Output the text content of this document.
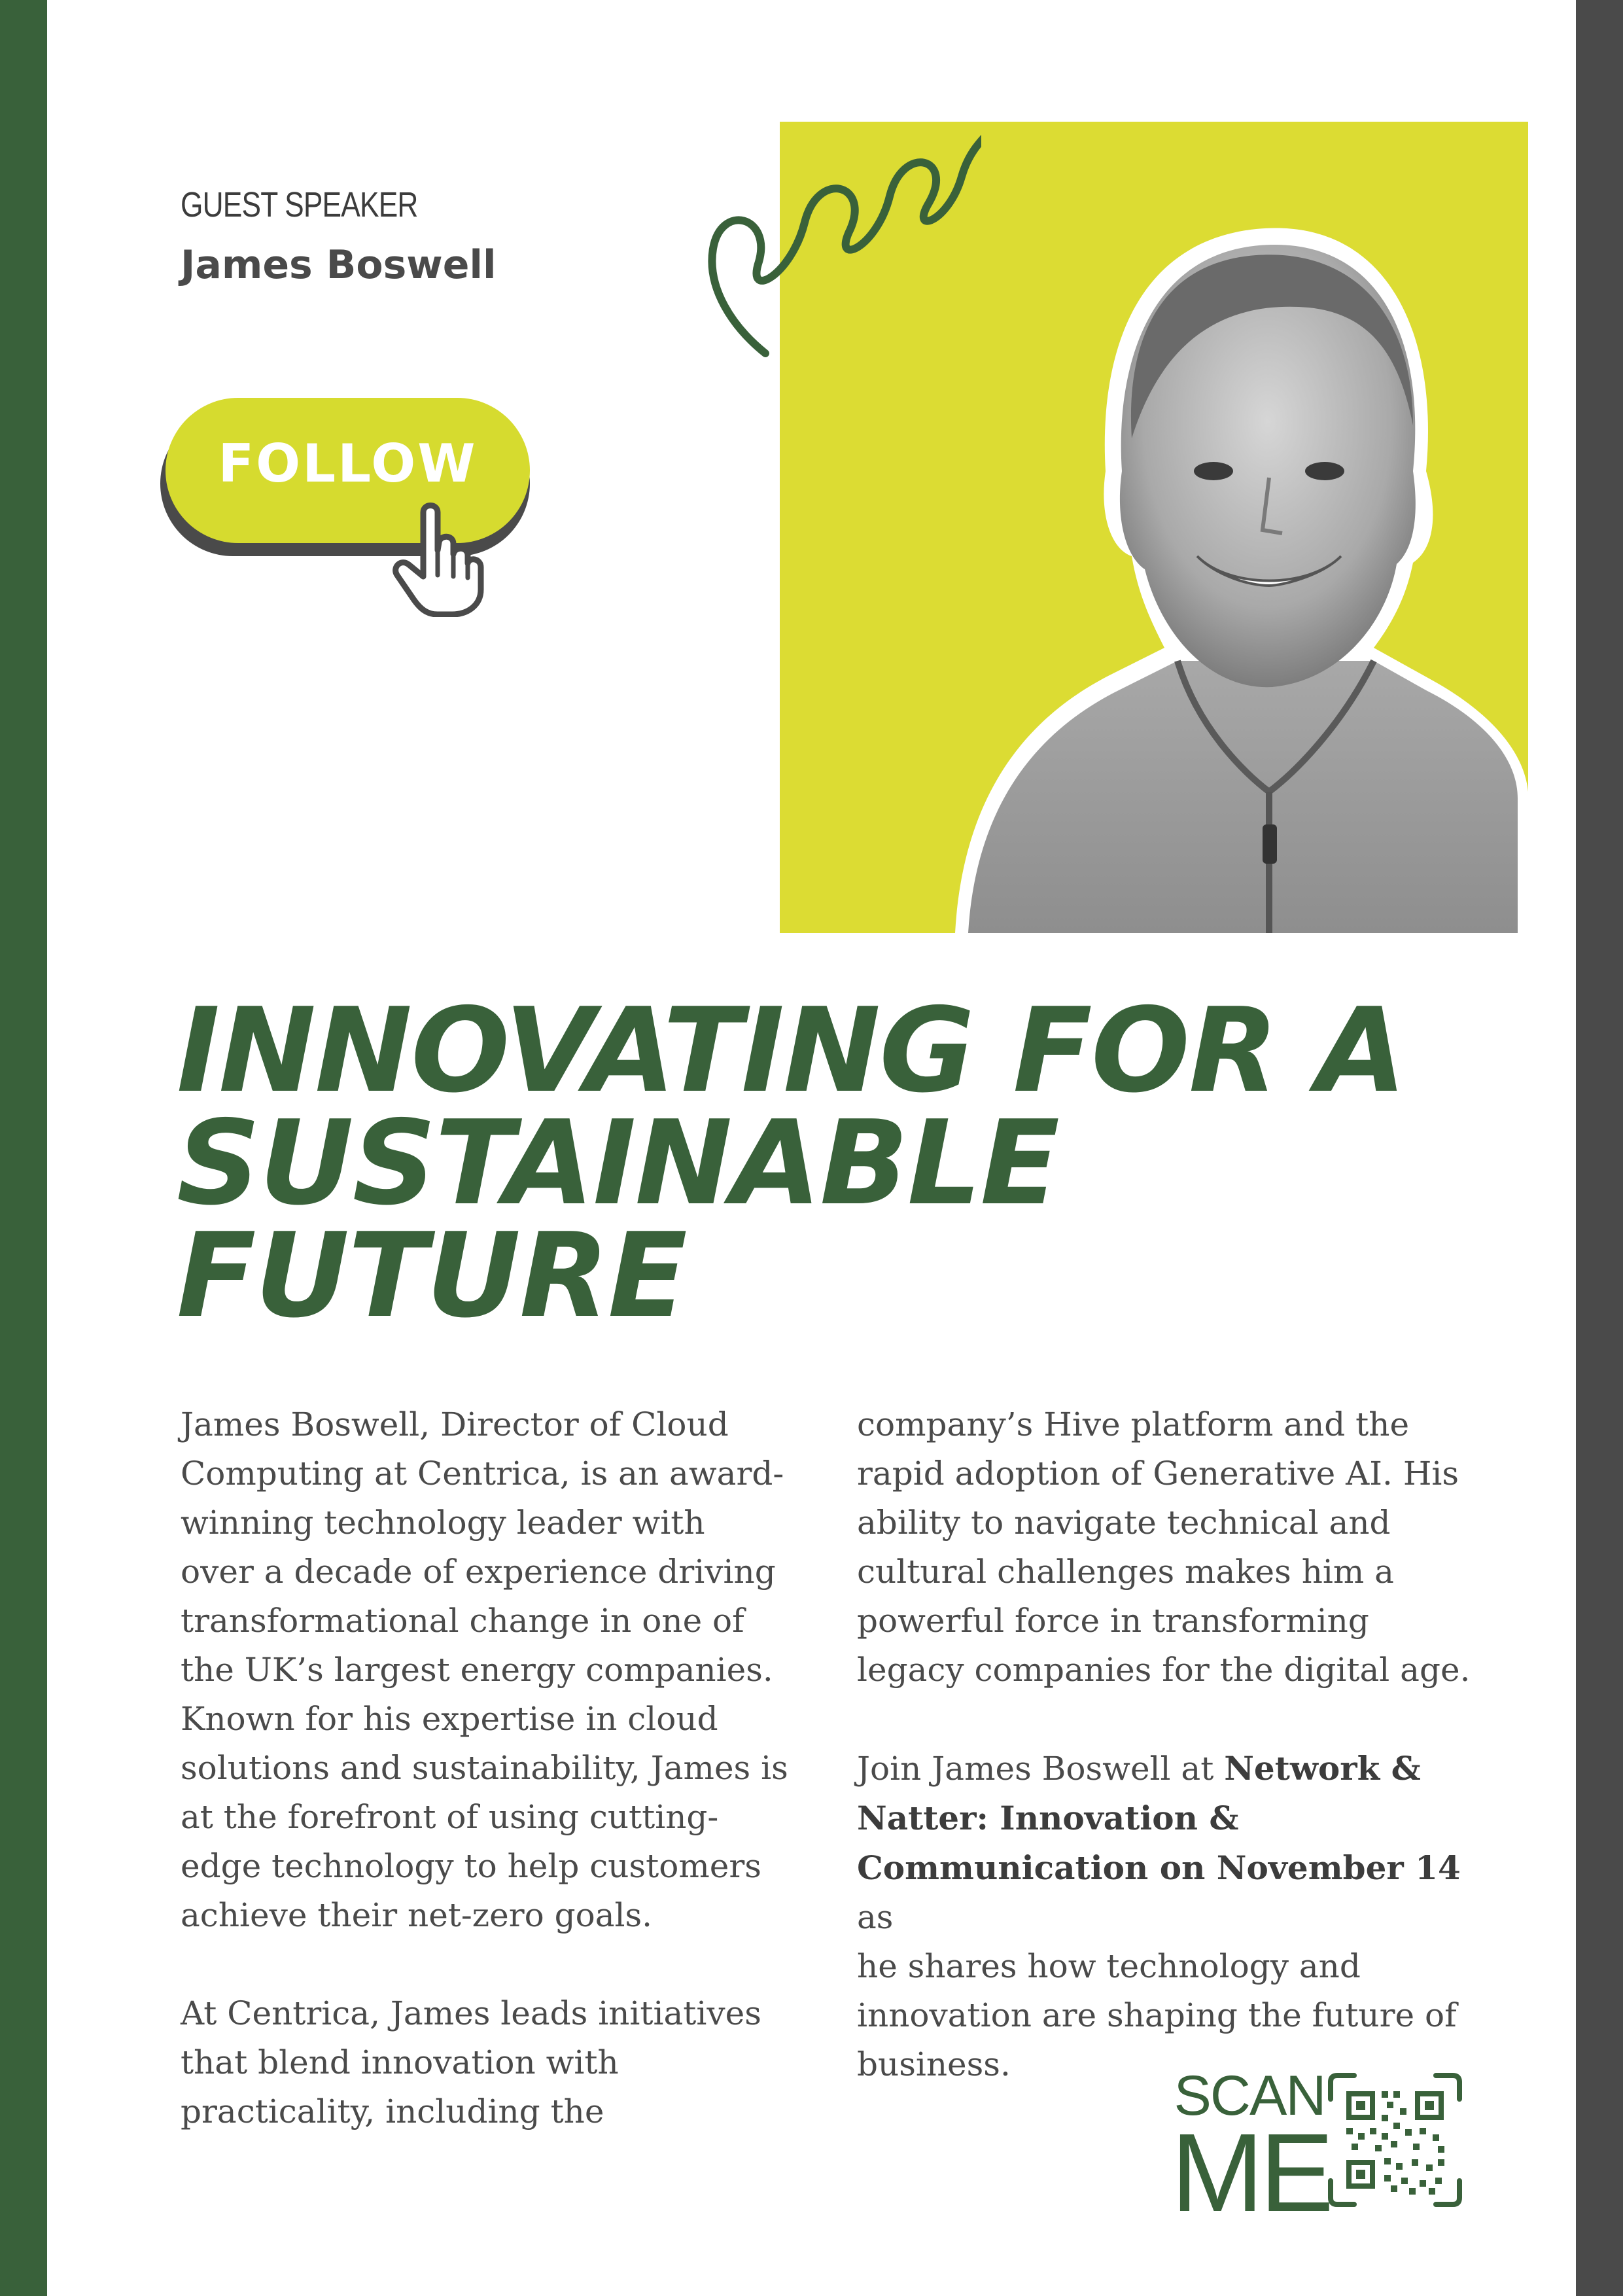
GUEST SPEAKER
James Boswell
FOLLOW
INNOVATING FOR A
SUSTAINABLE
FUTURE

James Boswell, Director of Cloud
Computing at Centrica, is an award-
winning technology leader with
over a decade of experience driving
transformational change in one of
the UK’s largest energy companies.
Known for his expertise in cloud
solutions and sustainability, James is
at the forefront of using cutting-
edge technology to help customers
achieve their net-zero goals.

At Centrica, James leads initiatives
that blend innovation with
practicality, including the

company’s Hive platform and the
rapid adoption of Generative AI. His
ability to navigate technical and
cultural challenges makes him a
powerful force in transforming
legacy companies for the digital age.

Join James Boswell at Network &
Natter: Innovation &
Communication on November 14 as
he shares how technology and
innovation are shaping the future of
business.	SCAN
ME
